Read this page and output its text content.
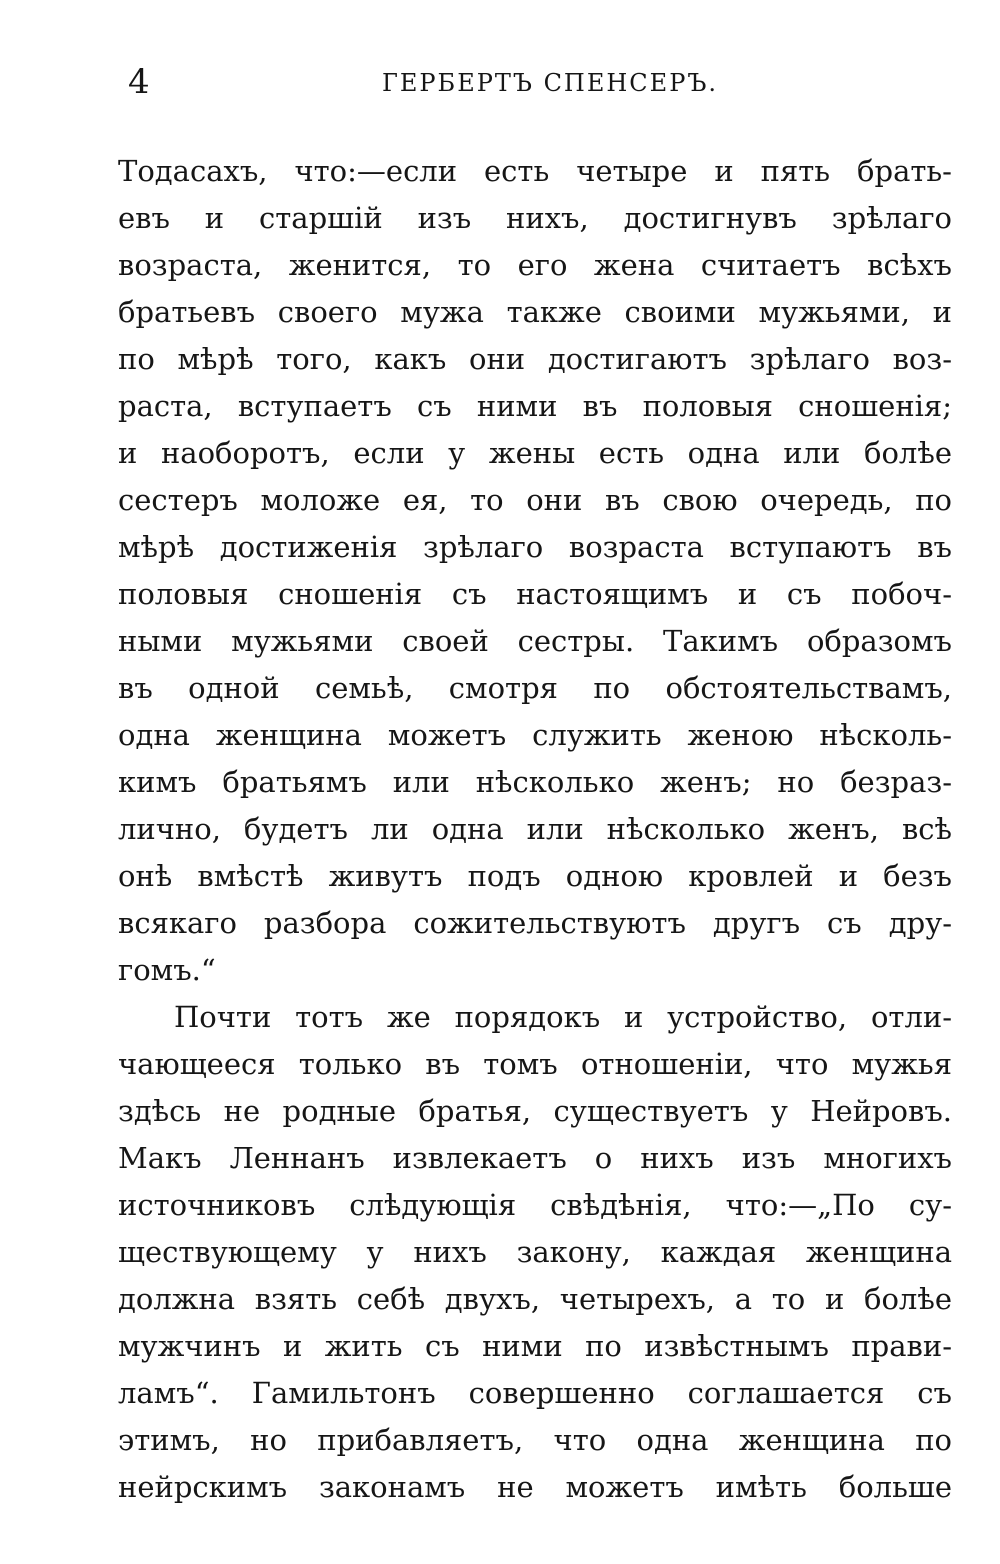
4	ГЕРБЕРТЪ СПЕНСЕРЪ.
Тодасахъ, что:—если есть четыре и пять брать-
евъ и старшій изъ нихъ, достигнувъ зрѣлаго
возраста, женится, то его жена считаетъ всѣхъ
братьевъ своего мужа также своими мужьями, и
по мѣрѣ того, какъ они достигаютъ зрѣлаго воз-
раста, вступаетъ съ ними въ половыя сношенія;
и наоборотъ, если у жены есть одна или болѣе
сестеръ моложе ея, то они въ свою очередь, по
мѣрѣ достиженія зрѣлаго возраста вступаютъ въ
половыя сношенія съ настоящимъ и съ побоч-
ными мужьями своей сестры. Такимъ образомъ
въ одной семьѣ, смотря по обстоятельствамъ,
одна женщина можетъ служить женою нѣсколь-
кимъ братьямъ или нѣсколько женъ; но безраз-
лично, будетъ ли одна или нѣсколько женъ, всѣ
онѣ вмѣстѣ живутъ подъ одною кровлей и безъ
всякаго разбора сожительствуютъ другъ съ дру-
гомъ.“
Почти тотъ же порядокъ и устройство, отли-
чающееся только въ томъ отношеніи, что мужья
здѣсь не родные братья, существуетъ у Нейровъ.
Макъ Леннанъ извлекаетъ о нихъ изъ многихъ
источниковъ слѣдующія свѣдѣнія, что:—„По су-
ществующему у нихъ закону, каждая женщина
должна взять себѣ двухъ, четырехъ, а то и болѣе
мужчинъ и жить съ ними по извѣстнымъ прави-
ламъ“. Гамильтонъ совершенно соглашается съ
этимъ, но прибавляетъ, что одна женщина по
нейрскимъ законамъ не можетъ имѣть больше
